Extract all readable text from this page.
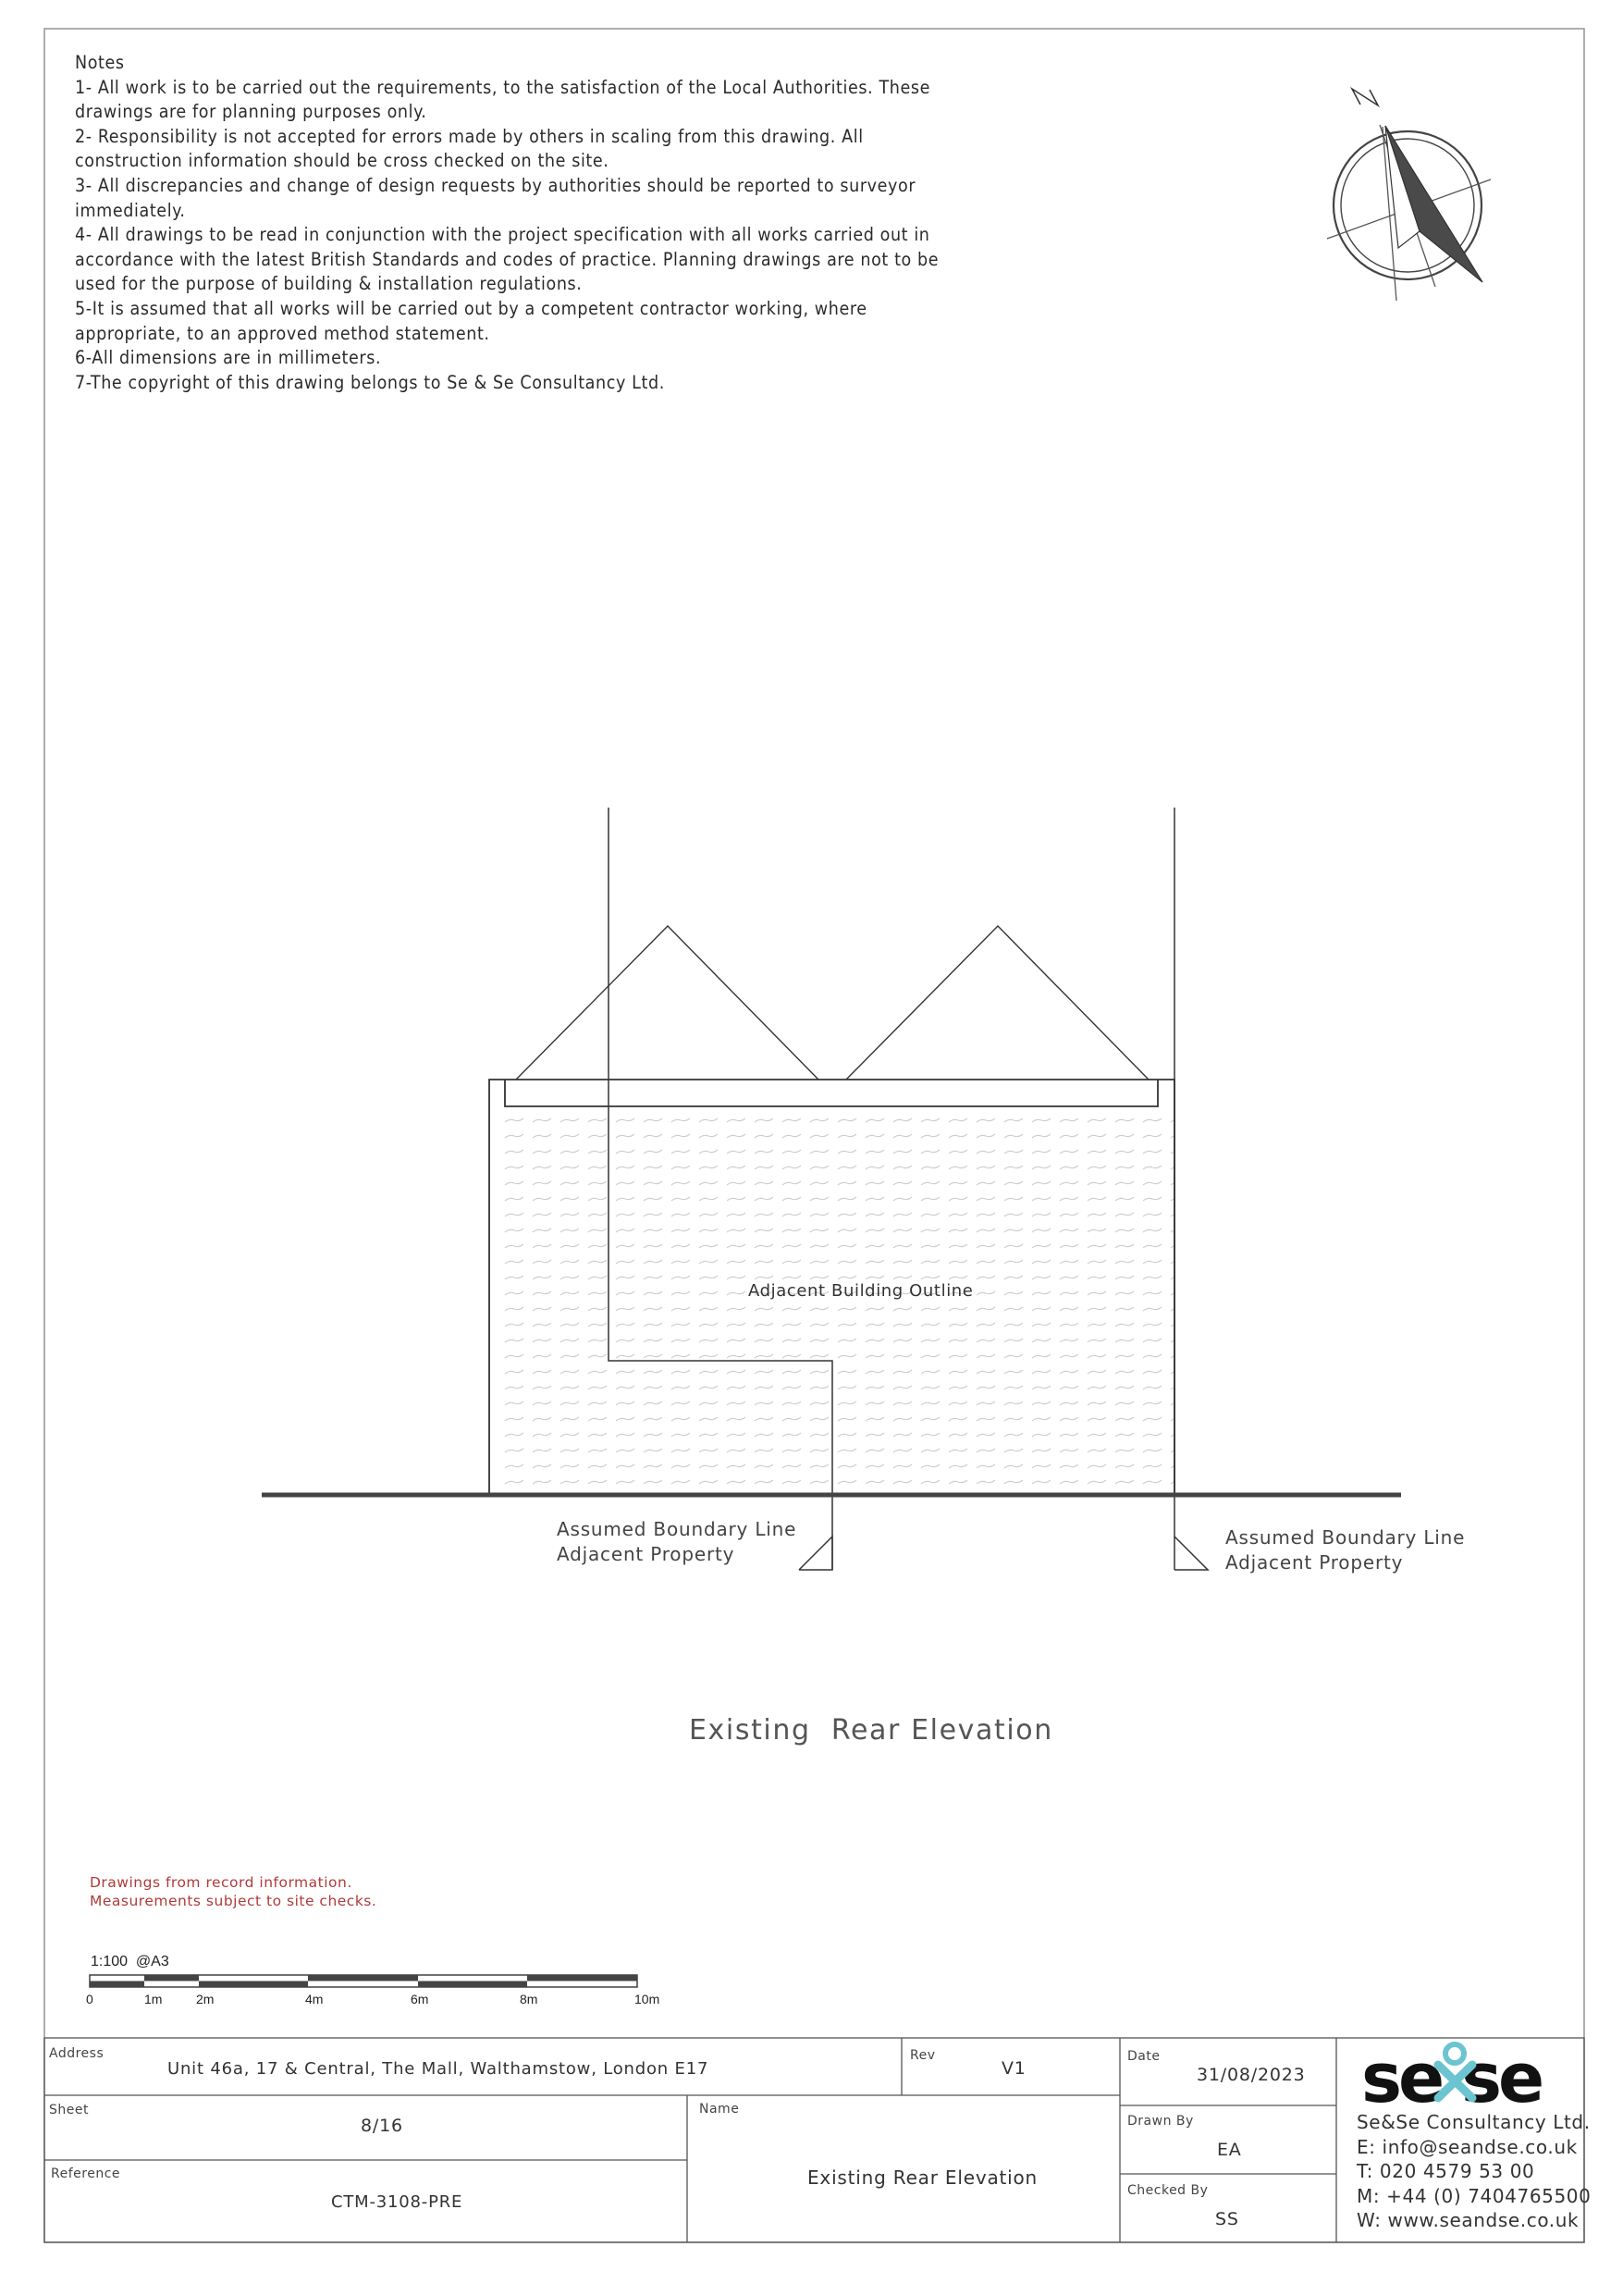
se se
Notes
1- All work is to be carried out the requirements, to the satisfaction of the Local Authorities. These
drawings are for planning purposes only.
2- Responsibility is not accepted for errors made by others in scaling from this drawing. All
construction information should be cross checked on the site.
3- All discrepancies and change of design requests by authorities should be reported to surveyor
immediately.
4- All drawings to be read in conjunction with the project specification with all works carried out in
accordance with the latest British Standards and codes of practice. Planning drawings are not to be
used for the purpose of building & installation regulations.
5-It is assumed that all works will be carried out by a competent contractor working, where
appropriate, to an approved method statement.
6-All dimensions are in millimeters.
7-The copyright of this drawing belongs to Se & Se Consultancy Ltd.
Adjacent Building Outline
Assumed Boundary Line
Adjacent Property
Assumed Boundary Line
Adjacent Property
Existing  Rear Elevation
Drawings from record information.
Measurements subject to site checks.
1:100  @A3
0	1m	2m	4m	6m	8m	10m
Address
Unit 46a, 17 & Central, The Mall, Walthamstow, London E17
Rev
V1
Date
31/08/2023
Sheet
8/16
Name
Existing Rear Elevation
Reference
CTM-3108-PRE
Drawn By
EA
Checked By
SS
Se&Se Consultancy Ltd.
E: info@seandse.co.uk
T: 020 4579 53 00
M: +44 (0) 7404765500
W: www.seandse.co.uk
